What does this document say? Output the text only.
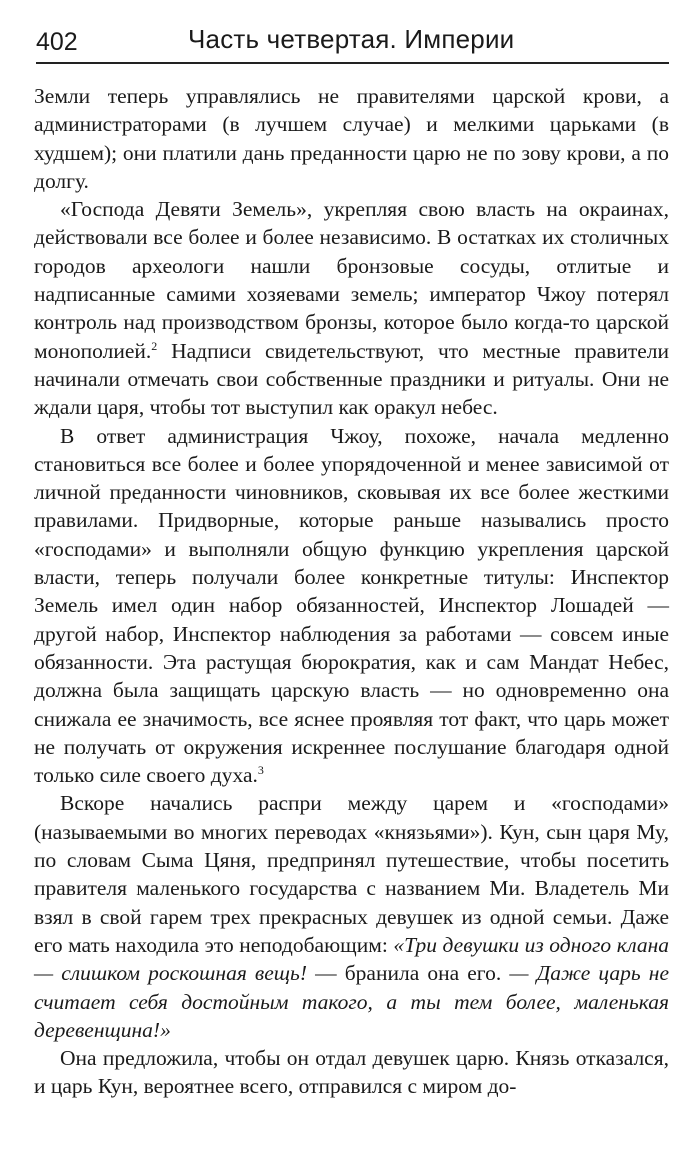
402	Часть четвертая. Империи

Земли теперь управлялись не правителями царской крови, а администраторами (в лучшем случае) и мелкими царьками (в худшем); они платили дань преданности царю не по зову крови, а по долгу.

«Господа Девяти Земель», укрепляя свою власть на окраинах, действовали все более и более независимо. В остатках их столичных городов археологи нашли бронзовые сосуды, отлитые и надписанные самими хозяевами земель; император Чжоу потерял контроль над производством бронзы, которое было когда-то царской монополией.$^2$ Надписи свидетельствуют, что местные правители начинали отмечать свои собственные праздники и ритуалы. Они не ждали царя, чтобы тот выступил как оракул небес.

В ответ администрация Чжоу, похоже, начала медленно становиться все более и более упорядоченной и менее зависимой от личной преданности чиновников, сковывая их все более жесткими правилами. Придворные, которые раньше назывались просто «господами» и выполняли общую функцию укрепления царской власти, теперь получали более конкретные титулы: Инспектор Земель имел один набор обязанностей, Инспектор Лошадей — другой набор, Инспектор наблюдения за работами — совсем иные обязанности. Эта растущая бюрократия, как и сам Мандат Небес, должна была защищать царскую власть — но одновременно она снижала ее значимость, все яснее проявляя тот факт, что царь может не получать от окружения искреннее послушание благодаря одной только силе своего духа.$^3$

Вскоре начались распри между царем и «господами» (называемыми во многих переводах «князьями»). Кун, сын царя Му, по словам Сыма Цяня, предпринял путешествие, чтобы посетить правителя маленького государства с названием Ми. Владетель Ми взял в свой гарем трех прекрасных девушек из одной семьи. Даже его мать находила это неподобающим: «Три девушки из одного клана — слишком роскошная вещь! — бранила она его. — Даже царь не считает себя достойным такого, а ты тем более, маленькая деревенщина!»

Она предложила, чтобы он отдал девушек царю. Князь отказался, и царь Кун, вероятнее всего, отправился с миром до-
